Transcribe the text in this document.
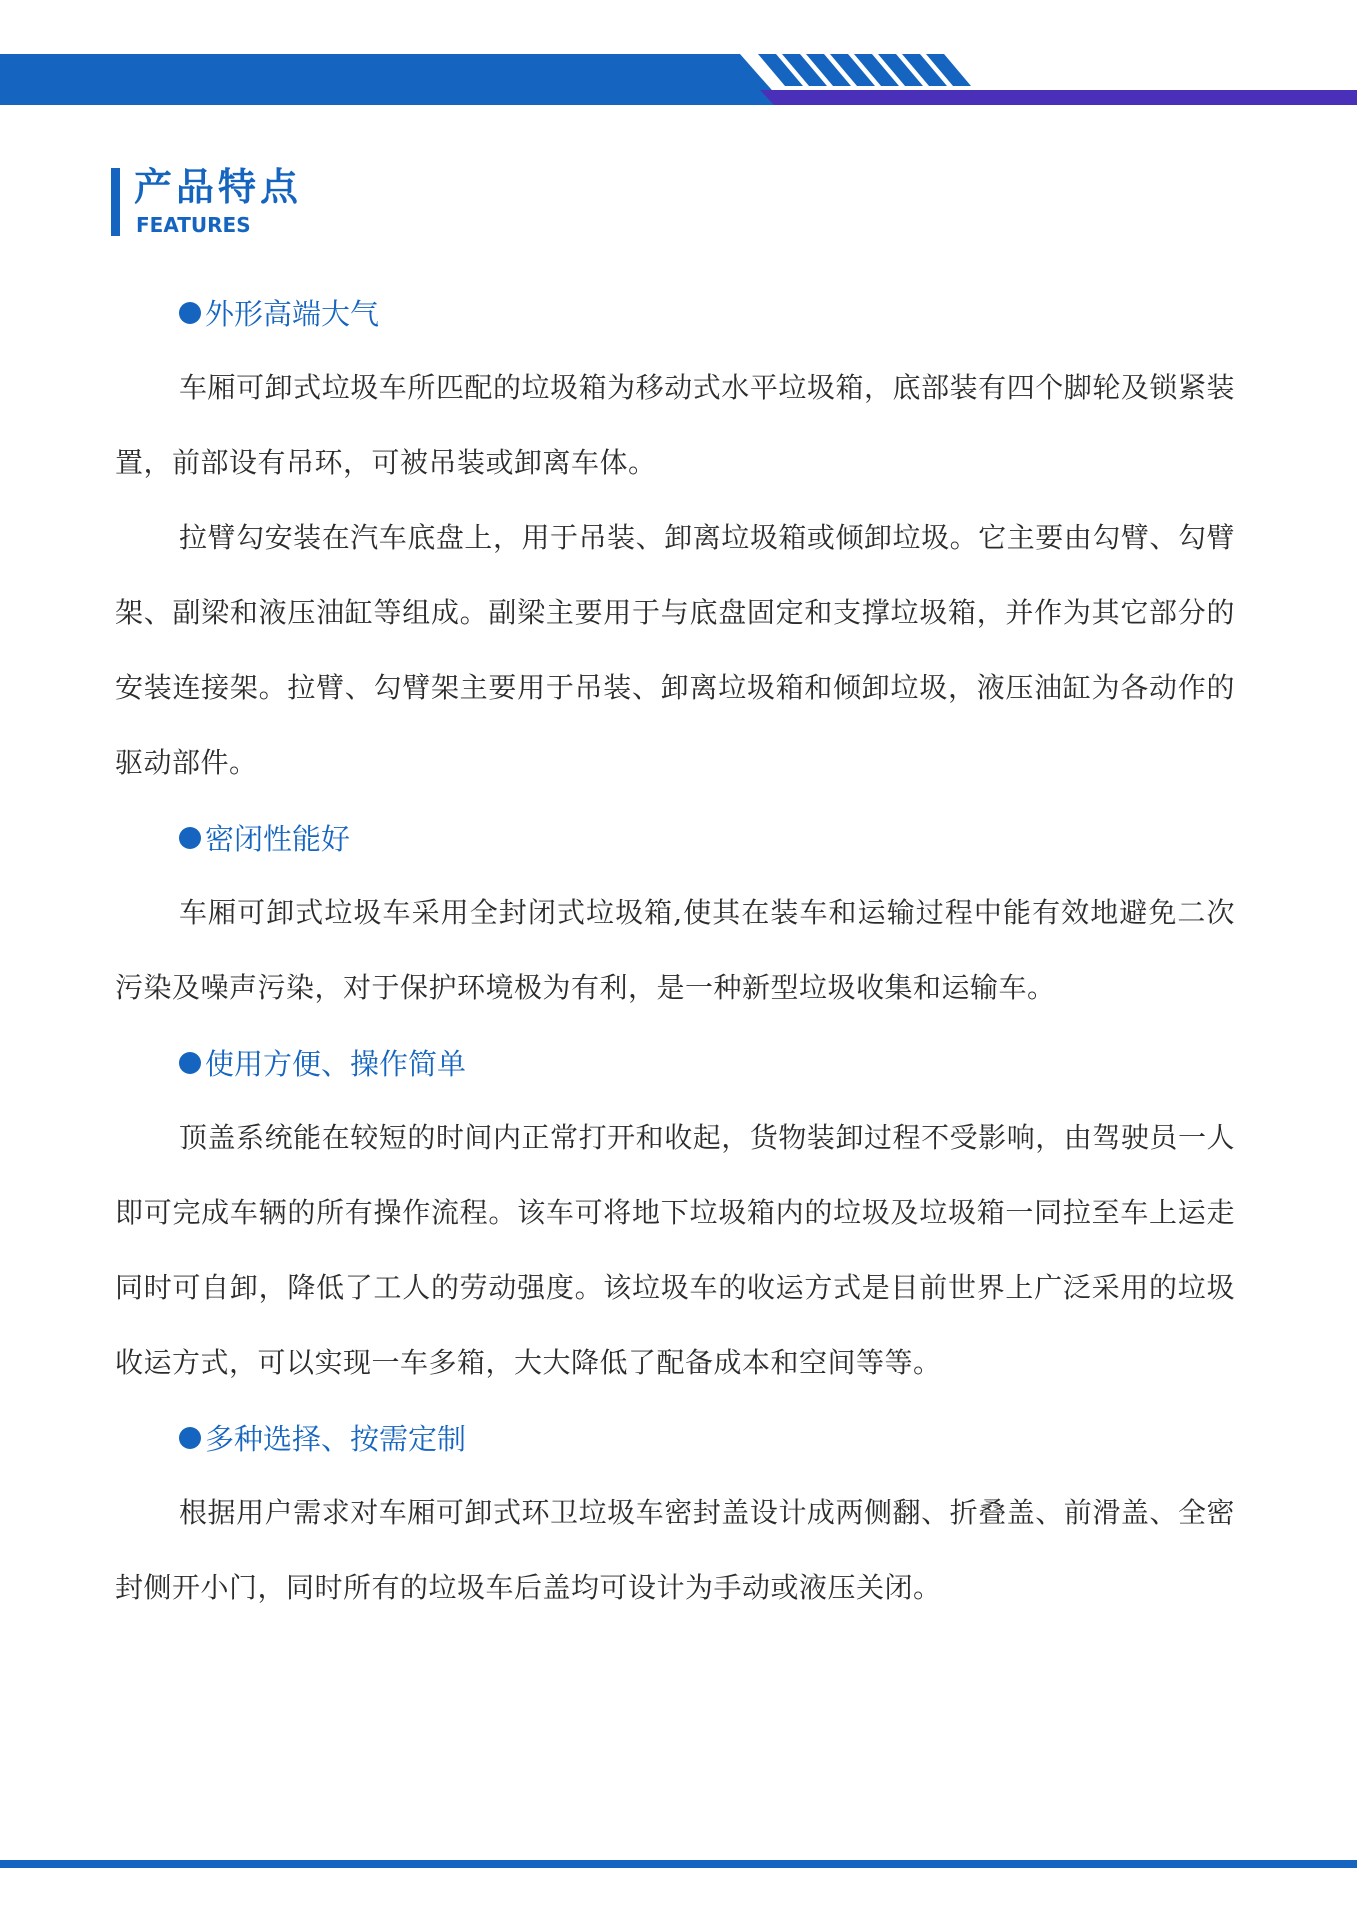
产品特点
FEATURES
外形高端大气

车厢可卸式垃圾车所匹配的垃圾箱为移动式水平垃圾箱，底部装有四个脚轮及锁紧装置，前部设有吊环，可被吊装或卸离车体。

拉臂勾安装在汽车底盘上，用于吊装、卸离垃圾箱或倾卸垃圾。它主要由勾臂、勾臂架、副梁和液压油缸等组成。副梁主要用于与底盘固定和支撑垃圾箱，并作为其它部分的安装连接架。拉臂、勾臂架主要用于吊装、卸离垃圾箱和倾卸垃圾，液压油缸为各动作的驱动部件。

密闭性能好

车厢可卸式垃圾车采用全封闭式垃圾箱,使其在装车和运输过程中能有效地避免二次污染及噪声污染，对于保护环境极为有利，是一种新型垃圾收集和运输车。

使用方便、操作简单

顶盖系统能在较短的时间内正常打开和收起，货物装卸过程不受影响，由驾驶员一人即可完成车辆的所有操作流程。该车可将地下垃圾箱内的垃圾及垃圾箱一同拉至车上运走同时可自卸，降低了工人的劳动强度。该垃圾车的收运方式是目前世界上广泛采用的垃圾收运方式，可以实现一车多箱，大大降低了配备成本和空间等等。

多种选择、按需定制

根据用户需求对车厢可卸式环卫垃圾车密封盖设计成两侧翻、折叠盖、前滑盖、全密封侧开小门，同时所有的垃圾车后盖均可设计为手动或液压关闭。
